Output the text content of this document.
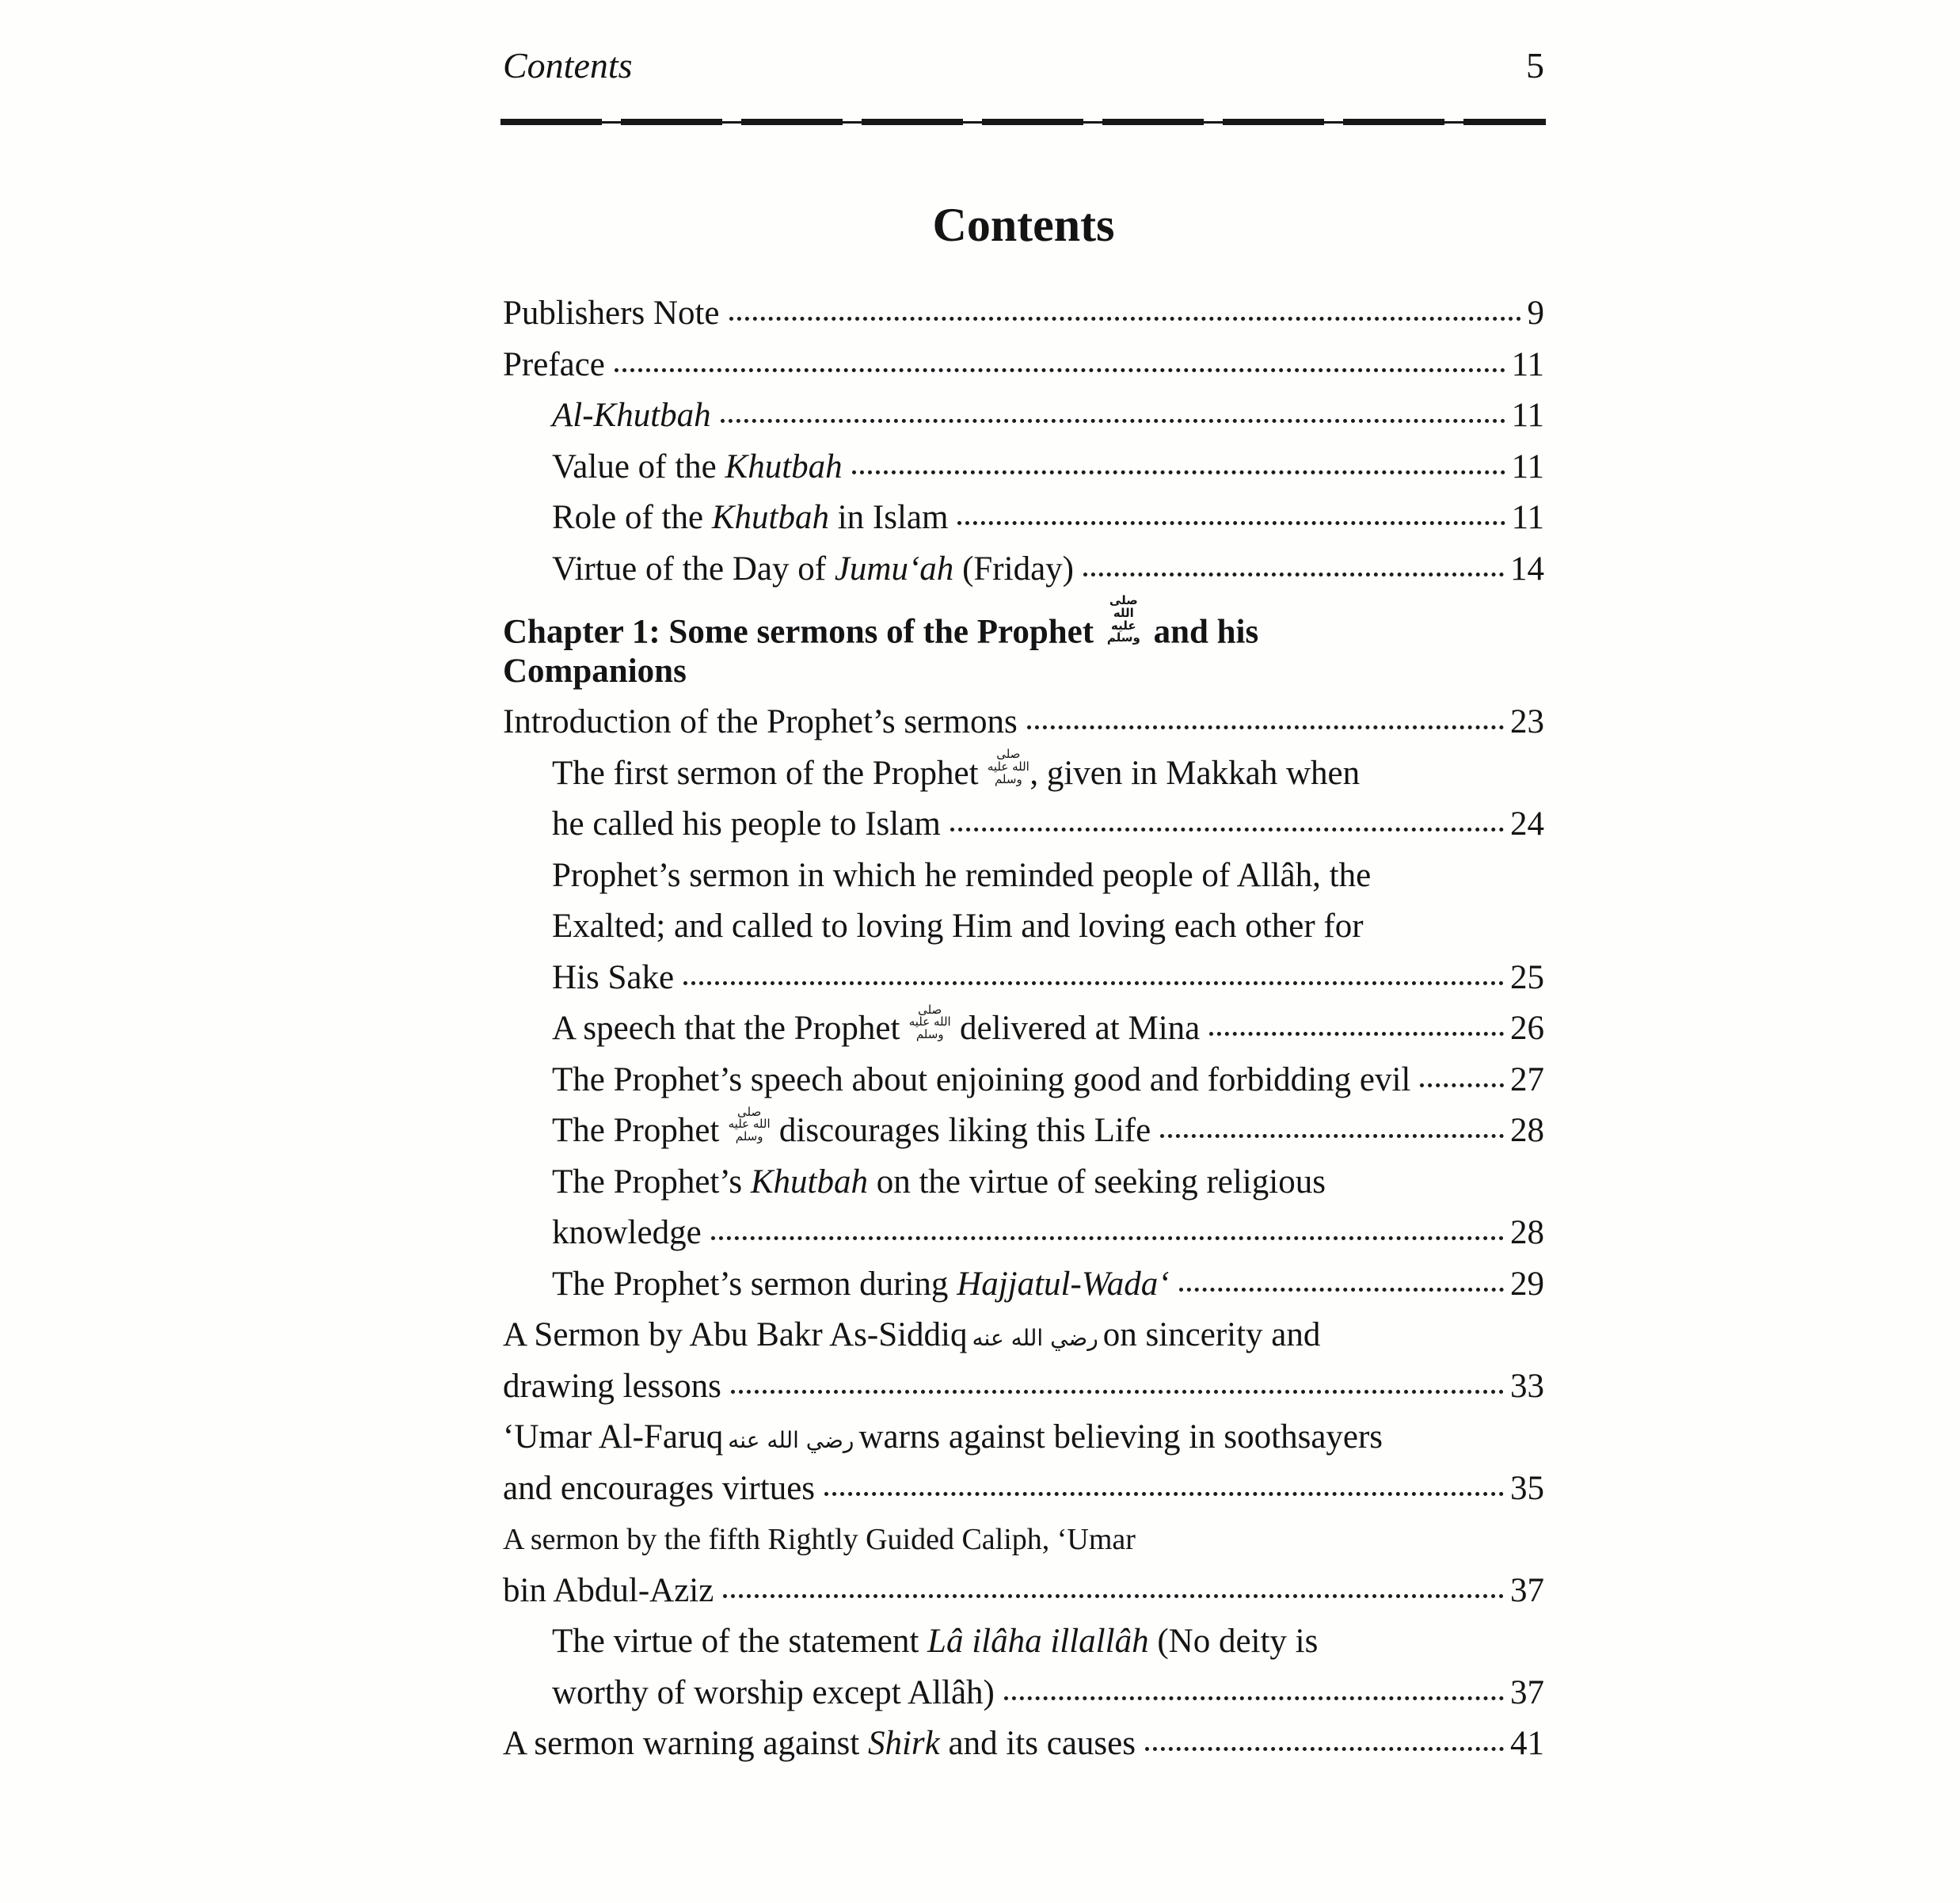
Contents	5
Contents
Publishers Note	9
Preface	11
Al-Khutbah	11
Value of the Khutbah	11
Role of the Khutbah in Islam	11
Virtue of the Day of Jumu‘ah (Friday)	14
Chapter 1: Some sermons of the Prophet صلى الله عليه وسلم and his
Companions
Introduction of the Prophet’s sermons	23
The first sermon of the Prophet صلى الله عليه وسلم , given in Makkah when
he called his people to Islam	24
Prophet’s sermon in which he reminded people of Allâh, the
Exalted; and called to loving Him and loving each other for
His Sake	25
A speech that the Prophet صلى الله عليه وسلم delivered at Mina	26
The Prophet’s speech about enjoining good and forbidding evil	27
The Prophet صلى الله عليه وسلم discourages liking this Life	28
The Prophet’s Khutbah on the virtue of seeking religious
knowledge	28
The Prophet’s sermon during Hajjatul-Wada‘	29
A Sermon by Abu Bakr As-Siddiq رضي الله عنه on sincerity and
drawing lessons	33
‘Umar Al-Faruq رضي الله عنه warns against believing in soothsayers
and encourages virtues	35
A sermon by the fifth Rightly Guided Caliph, ‘Umar
bin Abdul-Aziz	37
The virtue of the statement Lâ ilâha illallâh (No deity is
worthy of worship except Allâh)	37
A sermon warning against Shirk and its causes	41
